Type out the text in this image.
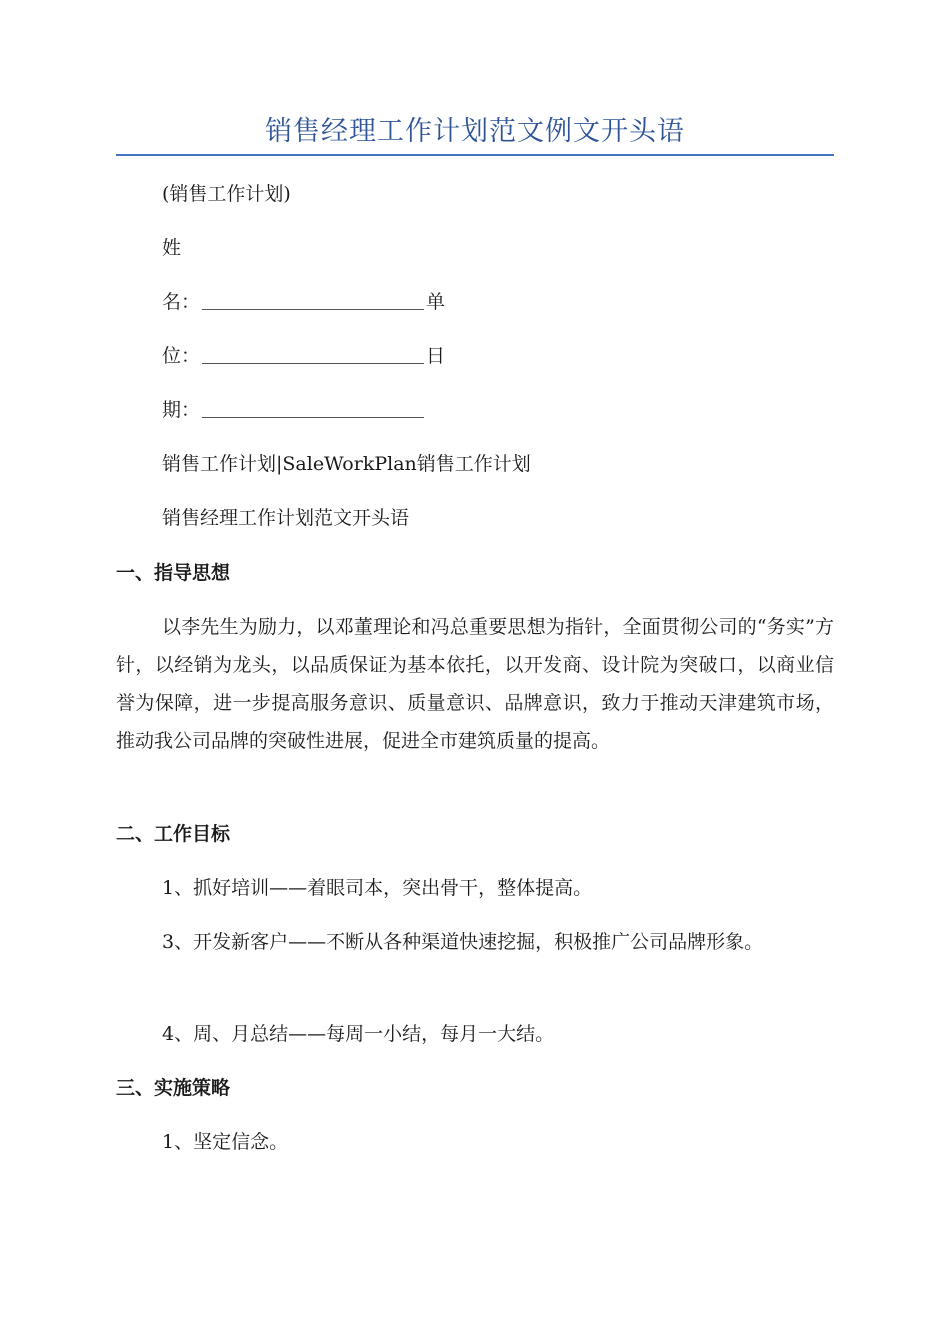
销售经理工作计划范文例文开头语
(销售工作计划)
姓
名：	单
位：	日
期：
销售工作计划|SaleWorkPlan销售工作计划
销售经理工作计划范文开头语
一、指导思想
以李先生为励力，以邓董理论和冯总重要思想为指针，全面贯彻公司的“务实”方针，以经销为龙头，以品质保证为基本依托，以开发商、设计院为突破口，以商业信誉为保障，进一步提高服务意识、质量意识、品牌意识，致力于推动天津建筑市场，推动我公司品牌的突破性进展，促进全市建筑质量的提高。
二、工作目标
1、抓好培训——着眼司本，突出骨干，整体提高。
3、开发新客户——不断从各种渠道快速挖掘，积极推广公司品牌形象。
4、周、月总结——每周一小结，每月一大结。
三、实施策略
1、坚定信念。
